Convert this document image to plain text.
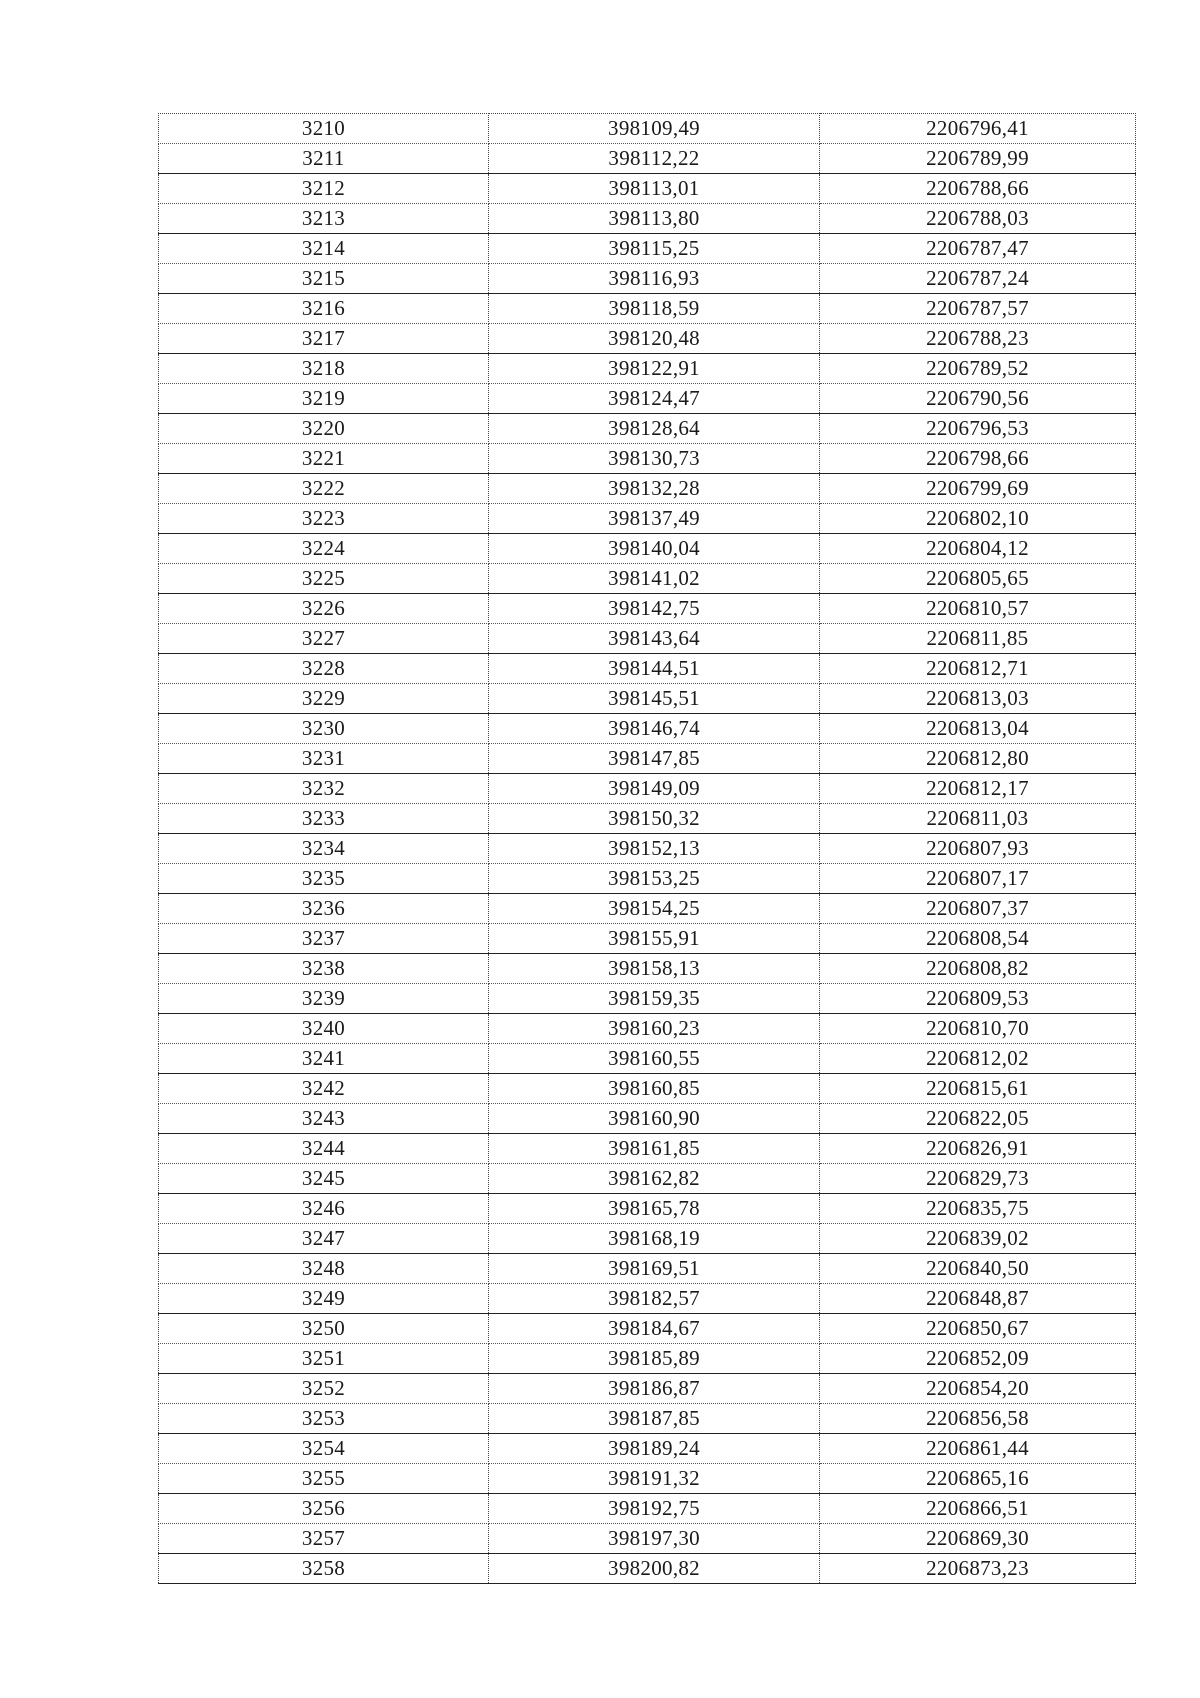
3210	398109,49	2206796,41
3211	398112,22	2206789,99
3212	398113,01	2206788,66
3213	398113,80	2206788,03
3214	398115,25	2206787,47
3215	398116,93	2206787,24
3216	398118,59	2206787,57
3217	398120,48	2206788,23
3218	398122,91	2206789,52
3219	398124,47	2206790,56
3220	398128,64	2206796,53
3221	398130,73	2206798,66
3222	398132,28	2206799,69
3223	398137,49	2206802,10
3224	398140,04	2206804,12
3225	398141,02	2206805,65
3226	398142,75	2206810,57
3227	398143,64	2206811,85
3228	398144,51	2206812,71
3229	398145,51	2206813,03
3230	398146,74	2206813,04
3231	398147,85	2206812,80
3232	398149,09	2206812,17
3233	398150,32	2206811,03
3234	398152,13	2206807,93
3235	398153,25	2206807,17
3236	398154,25	2206807,37
3237	398155,91	2206808,54
3238	398158,13	2206808,82
3239	398159,35	2206809,53
3240	398160,23	2206810,70
3241	398160,55	2206812,02
3242	398160,85	2206815,61
3243	398160,90	2206822,05
3244	398161,85	2206826,91
3245	398162,82	2206829,73
3246	398165,78	2206835,75
3247	398168,19	2206839,02
3248	398169,51	2206840,50
3249	398182,57	2206848,87
3250	398184,67	2206850,67
3251	398185,89	2206852,09
3252	398186,87	2206854,20
3253	398187,85	2206856,58
3254	398189,24	2206861,44
3255	398191,32	2206865,16
3256	398192,75	2206866,51
3257	398197,30	2206869,30
3258	398200,82	2206873,23
